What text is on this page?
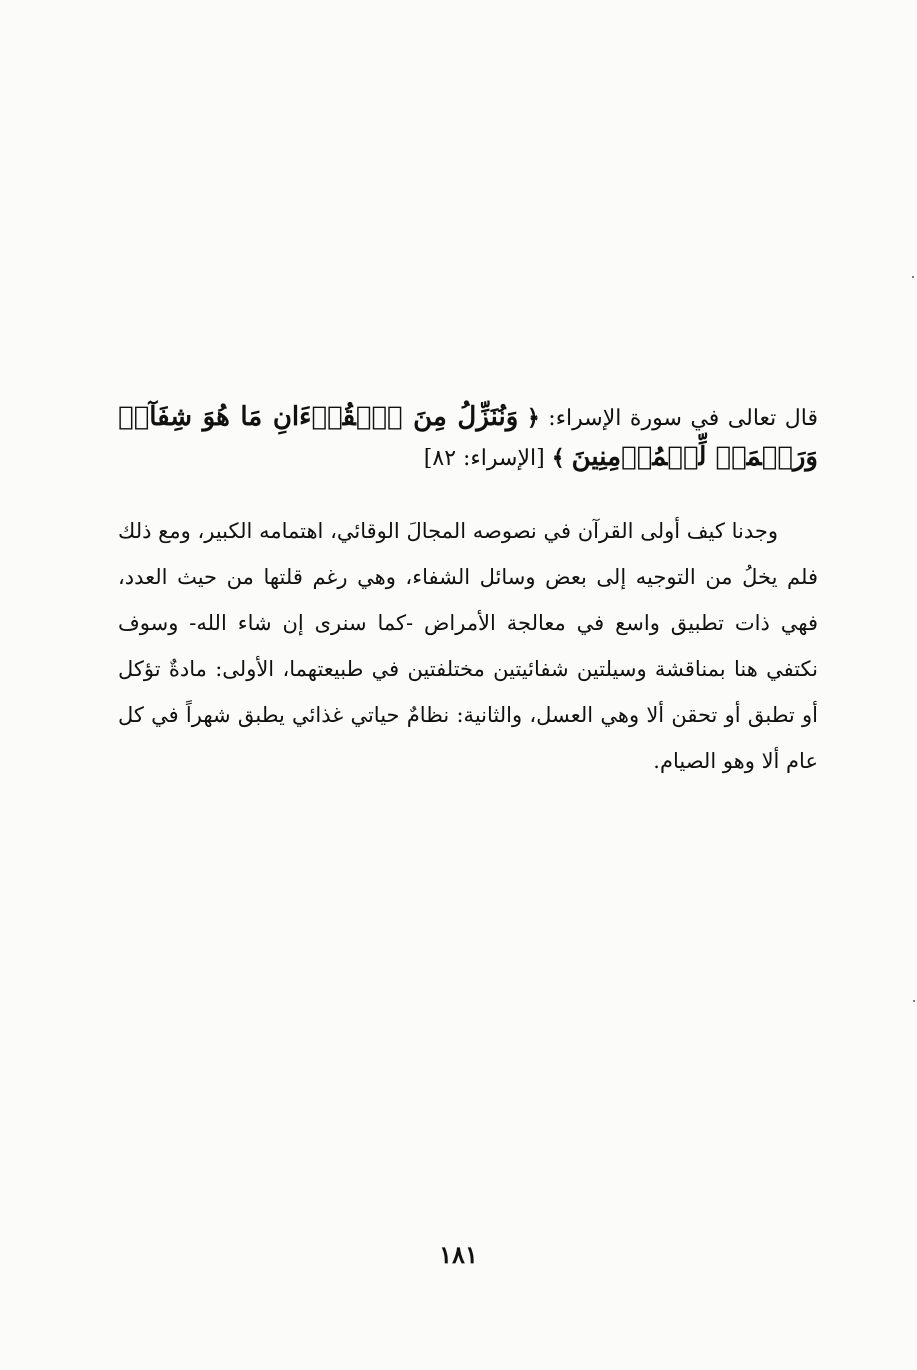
قال تعالى في سورة الإسراء: ﴿ وَنُنَزِّلُ مِنَ ٱلۡقُرۡءَانِ مَا هُوَ شِفَآءٞ وَرَحۡمَةٞ لِّلۡمُؤۡمِنِينَ ﴾ [الإسراء: ٨٢]
وجدنا كيف أولى القرآن في نصوصه المجالَ الوقائي، اهتمامه الكبير، ومع ذلك فلم يخلُ من التوجيه إلى بعض وسائل الشفاء، وهي رغم قلتها من حيث العدد، فهي ذات تطبيق واسع في معالجة الأمراض -كما سنرى إن شاء الله- وسوف نكتفي هنا بمناقشة وسيلتين شفائيتين مختلفتين في طبيعتهما، الأولى: مادةٌ تؤكل أو تطبق أو تحقن ألا وهي العسل، والثانية: نظامٌ حياتي غذائي يطبق شهراً في كل عام ألا وهو الصيام.
١٨١
